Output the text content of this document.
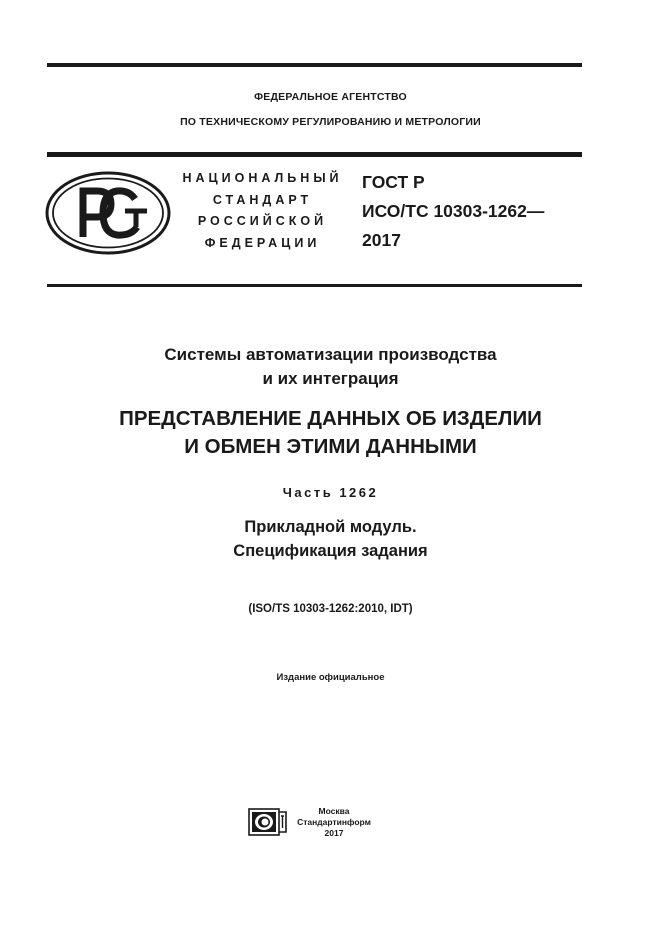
ФЕДЕРАЛЬНОЕ АГЕНТСТВО
ПО ТЕХНИЧЕСКОМУ РЕГУЛИРОВАНИЮ И МЕТРОЛОГИИ
НАЦИОНАЛЬНЫЙ
СТАНДАРТ
РОССИЙСКОЙ
ФЕДЕРАЦИИ
ГОСТ Р
ИСО/ТС 10303-1262—
2017
Системы автоматизации производства
и их интеграция
ПРЕДСТАВЛЕНИЕ ДАННЫХ ОБ ИЗДЕЛИИ
И ОБМЕН ЭТИМИ ДАННЫМИ
Часть 1262
Прикладной модуль.
Спецификация задания
(ISO/TS 10303-1262:2010, IDT)
Издание официальное
Москва
Стандартинформ
2017
